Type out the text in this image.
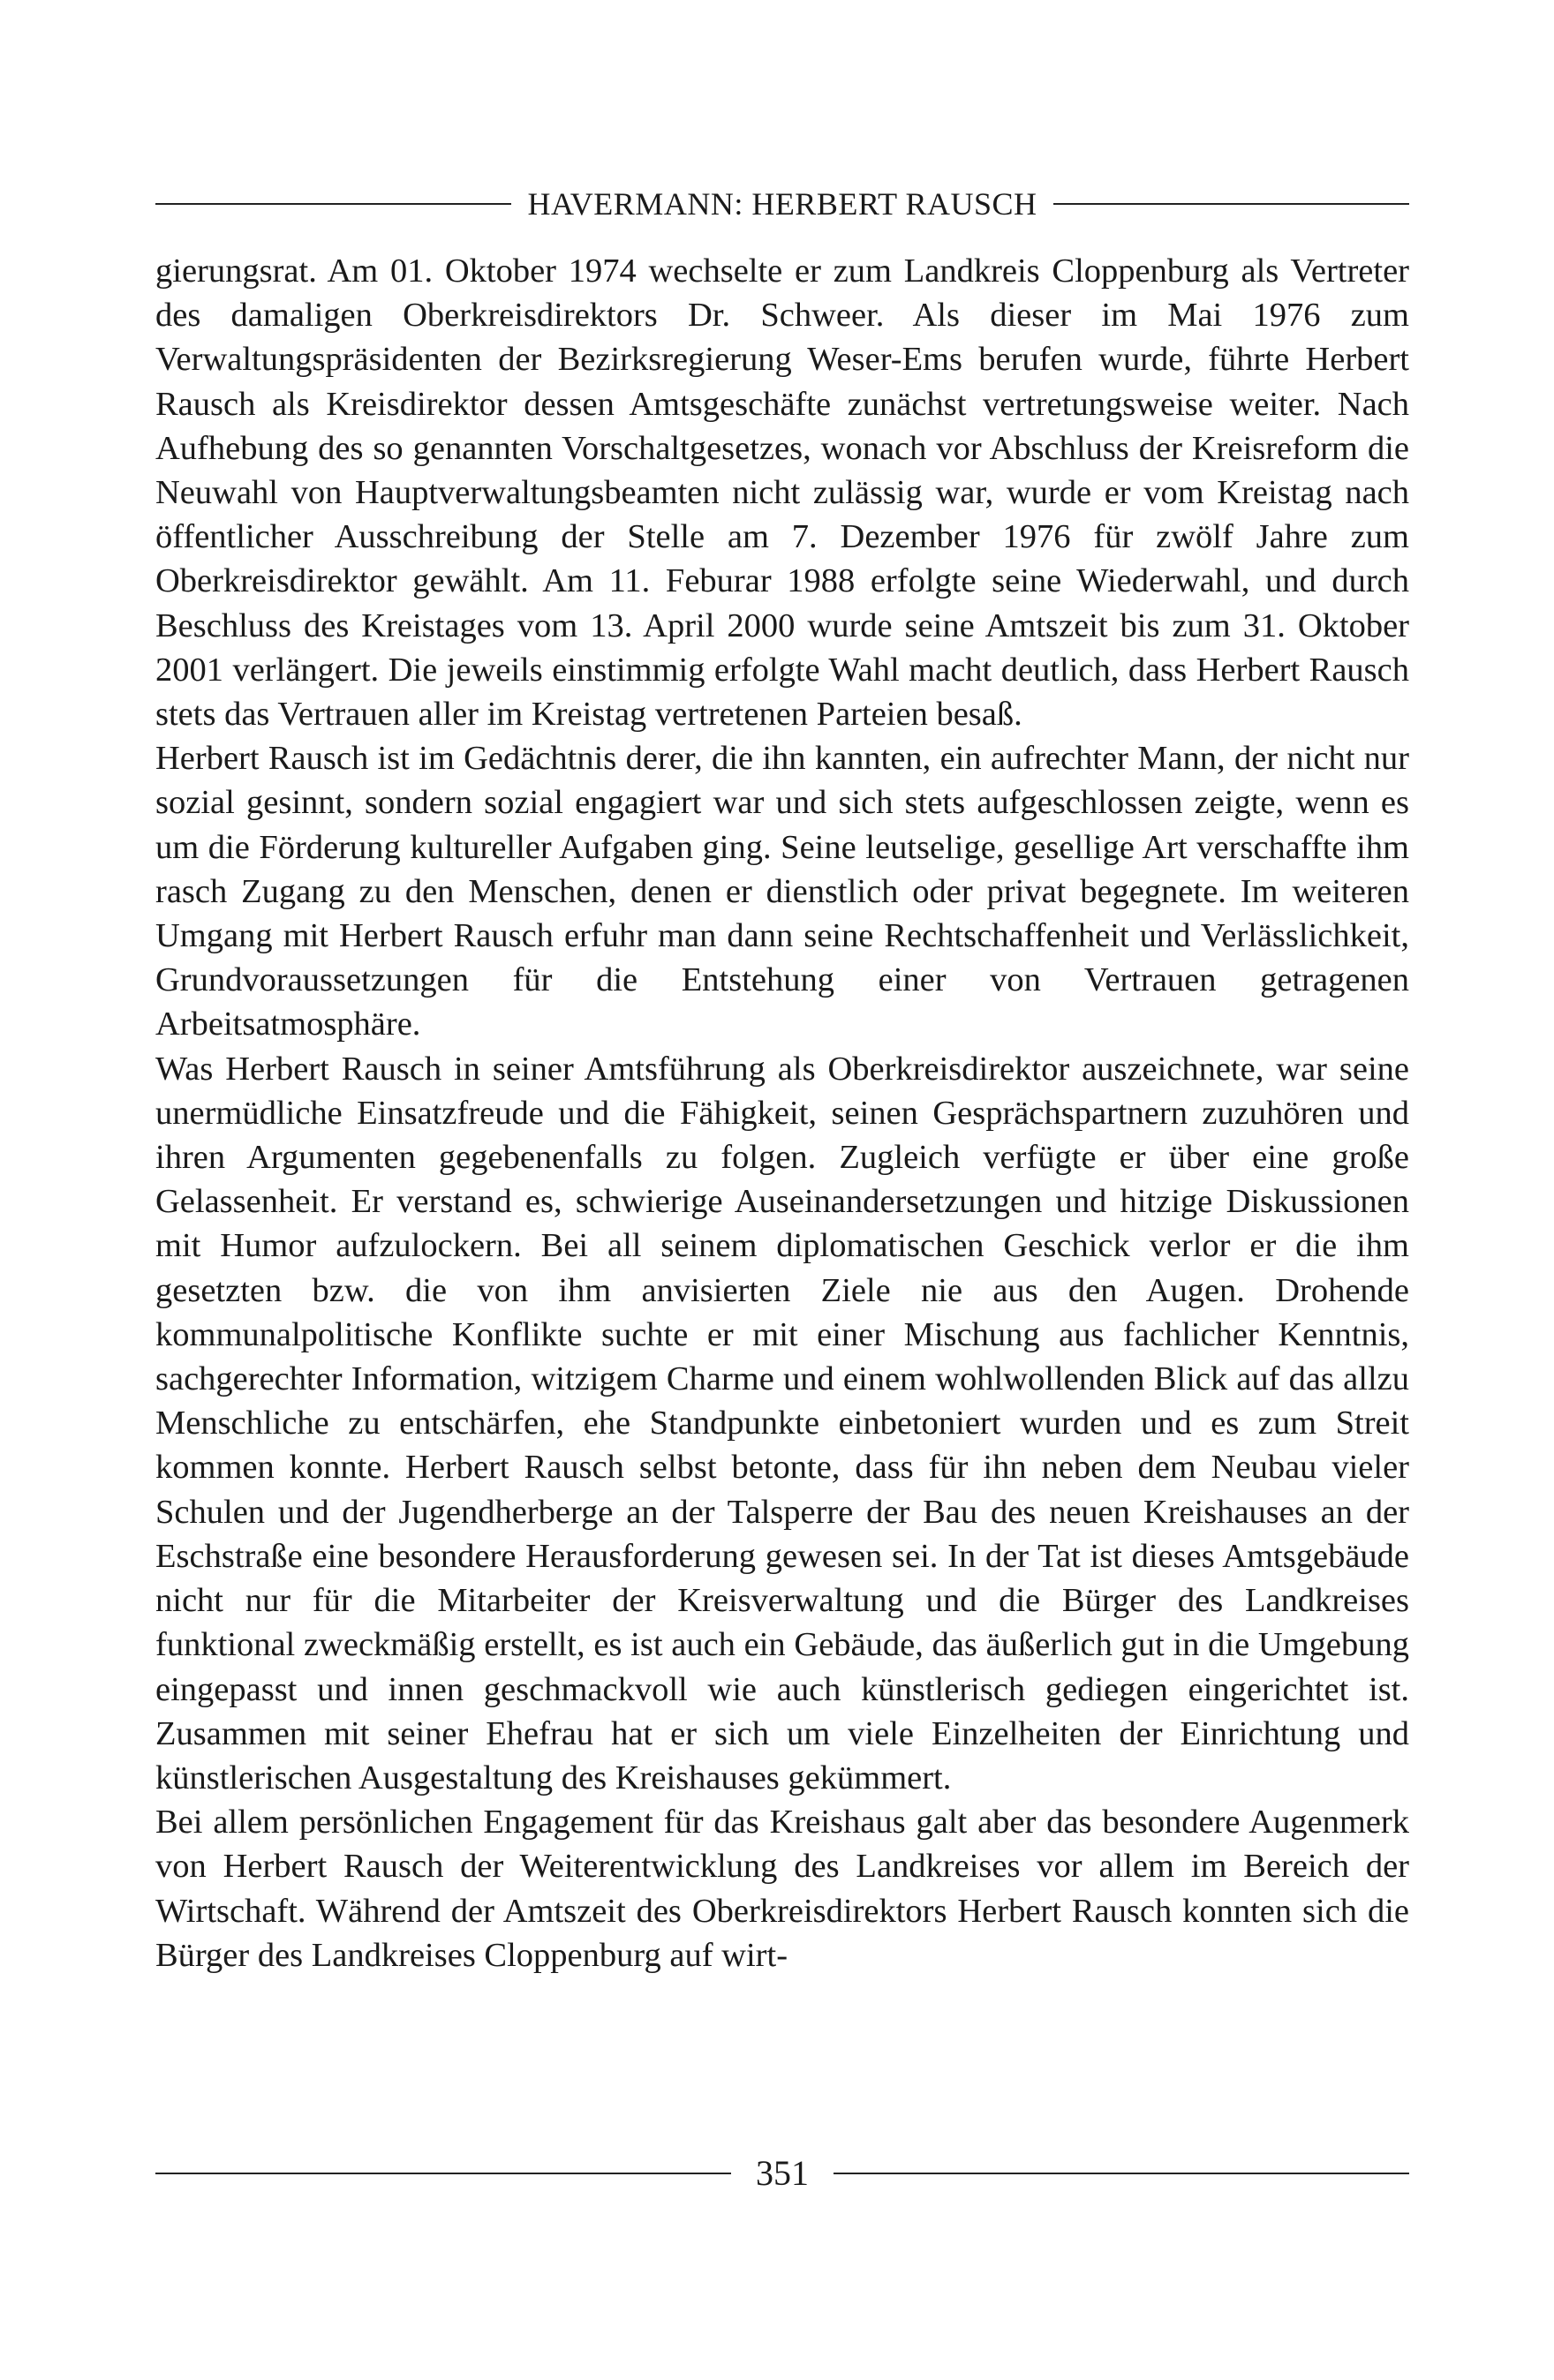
HAVERMANN: HERBERT RAUSCH

gierungsrat. Am 01. Oktober 1974 wechselte er zum Landkreis Cloppenburg als Vertreter des damaligen Oberkreisdirektors Dr. Schweer. Als dieser im Mai 1976 zum Verwaltungspräsidenten der Bezirksregierung Weser-Ems berufen wurde, führte Herbert Rausch als Kreisdirektor dessen Amtsgeschäfte zunächst vertretungsweise weiter. Nach Aufhebung des so genannten Vorschaltgesetzes, wonach vor Abschluss der Kreisreform die Neuwahl von Hauptverwaltungsbeamten nicht zulässig war, wurde er vom Kreistag nach öffentlicher Ausschreibung der Stelle am 7. Dezember 1976 für zwölf Jahre zum Oberkreisdirektor gewählt. Am 11. Feburar 1988 erfolgte seine Wiederwahl, und durch Beschluss des Kreistages vom 13. April 2000 wurde seine Amtszeit bis zum 31. Oktober 2001 verlängert. Die jeweils einstimmig erfolgte Wahl macht deutlich, dass Herbert Rausch stets das Vertrauen aller im Kreistag vertretenen Parteien besaß.

Herbert Rausch ist im Gedächtnis derer, die ihn kannten, ein aufrechter Mann, der nicht nur sozial gesinnt, sondern sozial engagiert war und sich stets aufgeschlossen zeigte, wenn es um die Förderung kultureller Aufgaben ging. Seine leutselige, gesellige Art verschaffte ihm rasch Zugang zu den Menschen, denen er dienstlich oder privat begegnete. Im weiteren Umgang mit Herbert Rausch erfuhr man dann seine Rechtschaffenheit und Verlässlichkeit, Grundvoraussetzungen für die Entstehung einer von Vertrauen getragenen Arbeitsatmosphäre.

Was Herbert Rausch in seiner Amtsführung als Oberkreisdirektor auszeichnete, war seine unermüdliche Einsatzfreude und die Fähigkeit, seinen Gesprächspartnern zuzuhören und ihren Argumenten gegebenenfalls zu folgen. Zugleich verfügte er über eine große Gelassenheit. Er verstand es, schwierige Auseinandersetzungen und hitzige Diskussionen mit Humor aufzulockern. Bei all seinem diplomatischen Geschick verlor er die ihm gesetzten bzw. die von ihm anvisierten Ziele nie aus den Augen. Drohende kommunalpolitische Konflikte suchte er mit einer Mischung aus fachlicher Kenntnis, sachgerechter Information, witzigem Charme und einem wohlwollenden Blick auf das allzu Menschliche zu entschärfen, ehe Standpunkte einbetoniert wurden und es zum Streit kommen konnte. Herbert Rausch selbst betonte, dass für ihn neben dem Neubau vieler Schulen und der Jugendherberge an der Talsperre der Bau des neuen Kreishauses an der Eschstraße eine besondere Herausforderung gewesen sei. In der Tat ist dieses Amtsgebäude nicht nur für die Mitarbeiter der Kreisverwaltung und die Bürger des Landkreises funktional zweckmäßig erstellt, es ist auch ein Gebäude, das äußerlich gut in die Umgebung eingepasst und innen geschmackvoll wie auch künstlerisch gediegen eingerichtet ist. Zusammen mit seiner Ehefrau hat er sich um viele Einzelheiten der Einrichtung und künstlerischen Ausgestaltung des Kreishauses gekümmert.

Bei allem persönlichen Engagement für das Kreishaus galt aber das besondere Augenmerk von Herbert Rausch der Weiterentwicklung des Landkreises vor allem im Bereich der Wirtschaft. Während der Amtszeit des Oberkreisdirektors Herbert Rausch konnten sich die Bürger des Landkreises Cloppenburg auf wirt-

351
